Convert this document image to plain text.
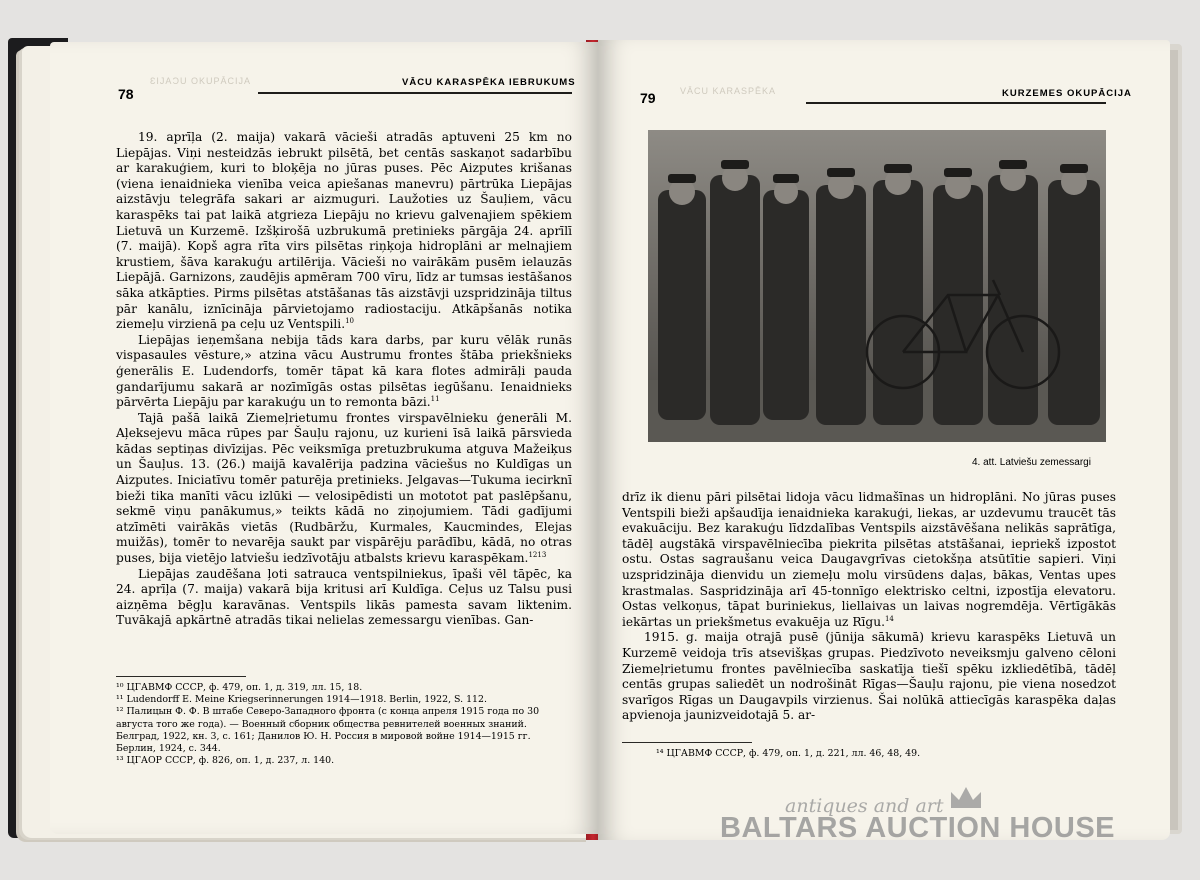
ƐIJAƆU OKUPĀCIJA
78
VĀCU KARASPĒKA IEBRUKUMS

19. aprīļa (2. maija) vakarā vācieši atradās aptuveni 25 km no Liepājas. Viņi nesteidzās iebrukt pilsētā, bet centās saskaņot sadarbību ar karakuģiem, kuri to bloķēja no jūras puses. Pēc Aizputes krišanas (viena ienaidnieka vienība veica apiešanas manevru) pārtrūka Liepājas aizstāvju telegrāfa sakari ar aizmuguri. Laužoties uz Šauļiem, vācu karaspēks tai pat laikā atgrieza Liepāju no krievu galvenajiem spēkiem Lietuvā un Kurzemē. Izšķirošā uzbrukumā pretinieks pārgāja 24. aprīlī (7. maijā). Kopš agra rīta virs pilsētas riņķoja hidroplāni ar melnajiem krustiem, šāva karakuģu artilērija. Vācieši no vairākām pusēm ielauzās Liepājā. Garnizons, zaudējis apmēram 700 vīru, līdz ar tumsas iestāšanos sāka atkāpties. Pirms pilsētas atstāšanas tās aizstāvji uzspridzināja tiltus pār kanālu, iznīcināja pārvietojamo radiostaciju. Atkāpšanās notika ziemeļu virzienā pa ceļu uz Ventspili.$^{10}$

Liepājas ieņemšana nebija tāds kara darbs, par kuru vēlāk runās vispasaules vēsture,» atzina vācu Austrumu frontes štāba priekšnieks ģenerālis E. Ludendorfs, tomēr tāpat kā kara flotes admirāļi pauda gandarījumu sakarā ar nozīmīgās ostas pilsētas iegūšanu. Ienaidnieks pārvērta Liepāju par karakuģu un to remonta bāzi.$^{11}$

Tajā pašā laikā Ziemeļrietumu frontes virspavēlnieku ģenerāli M. Aļeksejevu māca rūpes par Šauļu rajonu, uz kurieni īsā laikā pārsvieda kādas septiņas divīzijas. Pēc veiksmīga pretuzbrukuma atguva Mažeiķus un Šauļus. 13. (26.) maijā kavalērija padzina vāciešus no Kuldīgas un Aizputes. Iniciatīvu tomēr paturēja pretinieks. Jelgavas—Tukuma iecirknī bieži tika manīti vācu izlūki — velosipēdisti un mototot pat paslēpšanu, sekmē viņu panākumus,» teikts kādā no ziņojumiem. Tādi gadījumi atzīmēti vairākās vietās (Rudbāržu, Kurmales, Kaucmindes, Elejas muižās), tomēr to nevarēja saukt par vispārēju parādību, kādā, no otras puses, bija vietējo latviešu iedzīvotāju atbalsts krievu karaspēkam.$^{1213}$

Liepājas zaudēšana ļoti satrauca ventspilniekus, īpaši vēl tāpēc, ka 24. aprīļa (7. maija) vakarā bija kritusi arī Kuldīga. Ceļus uz Talsu pusi aizņēma bēgļu karavānas. Ventspils likās pamesta savam liktenim. Tuvākajā apkārtnē atradās tikai nelielas zemessargu vienības. Gan-

¹⁰ ЦГАВМФ СССР, ф. 479, оп. 1, д. 319, лл. 15, 18.

¹¹ Ludendorff E. Meine Kriegserinnerungen 1914—1918. Berlin, 1922, S. 112.

¹² Палицын Ф. Ф. В штабе Северо-Западного фронта (с конца апреля 1915 года по 30 августа того же года). — Военный сборник общества ревнителей военных знаний. Белград, 1922, кн. 3, с. 161; Данилов Ю. Н. Россия в мировой войне 1914—1915 гг. Берлин, 1924, с. 344.

¹³ ЦГАОР СССР, ф. 826, оп. 1, д. 237, л. 140.

VĀCU KARASPĒKA
79	KURZEMES OKUPĀCIJA
4. att. Latviešu zemessargi

drīz ik dienu pāri pilsētai lidoja vācu lidmašīnas un hidroplāni. No jūras puses Ventspili bieži apšaudīja ienaidnieka karakuģi, liekas, ar uzdevumu traucēt tās evakuāciju. Bez karakuģu līdzdalības Ventspils aizstāvēšana nelikās saprātīga, tādēļ augstākā virspavēlniecība piekrita pilsētas atstāšanai, iepriekš izpostot ostu. Ostas sagraušanu veica Daugavgrīvas cietokšņa atsūtītie sapieri. Viņi uzspridzināja dienvidu un ziemeļu molu virsūdens daļas, bākas, Ventas upes krastmalas. Saspridzināja arī 45-tonnīgo elektrisko celtni, izpostīja elevatoru. Ostas velkoņus, tāpat buriniekus, liellaivas un laivas nogremdēja. Vērtīgākās iekārtas un priekšmetus evakuēja uz Rīgu.$^{14}$

1915. g. maija otrajā pusē (jūnija sākumā) krievu karaspēks Lietuvā un Kurzemē veidoja trīs atsevišķas grupas. Piedzīvoto neveiksmju galveno cēloni Ziemeļrietumu frontes pavēlniecība saskatīja tiešī spēku izkliedētībā, tādēļ centās grupas saliedēt un nodrošināt Rīgas—Šauļu rajonu, pie viena nosedzot svarīgos Rīgas un Daugavpils virzienus. Šai nolūkā attiecīgās karaspēka daļas apvienoja jaunizveidotajā 5. ar-

¹⁴ ЦГАВМФ СССР, ф. 479, оп. 1, д. 221, лл. 46, 48, 49.

antiques and art
BALTARS AUCTION HOUSE
